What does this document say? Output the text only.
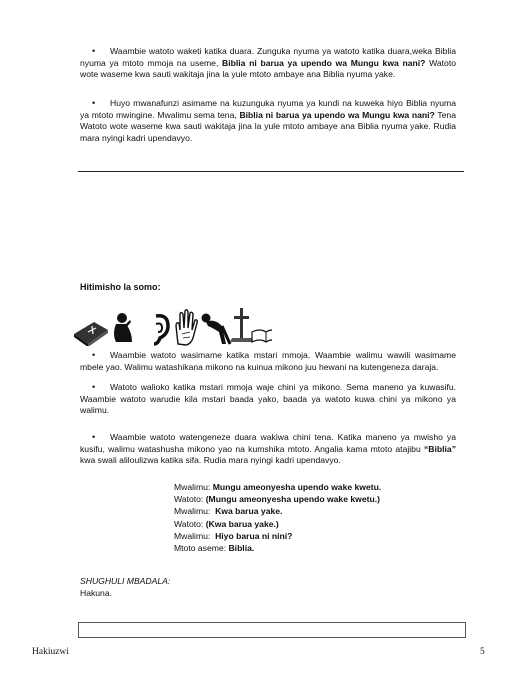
•	Waambie watoto waketi katika duara. Zunguka nyuma ya watoto katika duara,weka Biblia nyuma ya mtoto mmoja na useme, Biblia ni barua ya upendo wa Mungu kwa nani? Watoto wote waseme kwa sauti wakitaja jina la yule mtoto ambaye ana Biblia nyuma yake.
•	Huyo mwanafunzi asimame na kuzunguka nyuma ya kundi na kuweka hiyo Biblia nyuma ya mtoto mwingine. Mwalimu sema tena, Biblia ni barua ya upendo wa Mungu kwa nani? Tena Watoto wote waseme kwa sauti wakitaja jina la yule mtoto ambaye ana Biblia nyuma yake. Rudia mara nyingi kadri upendavyo.
Hitimisho la somo:
•	Waambie watoto wasimame katika mstari mmoja. Waambie walimu wawili wasimame mbele yao. Walimu watashikana mikono na kuinua mikono juu hewani na kutengeneza daraja.
•	Watoto walioko katika mstari mmoja waje chini ya mikono. Sema maneno ya kuwasifu. Waambie watoto warudie kila mstari baada yako, baada ya watoto kuwa chini ya mikono ya walimu.
•	Waambie watoto watengeneze duara wakiwa chini tena. Katika maneno ya mwisho ya kusifu, walimu watashusha mikono yao na kumshika mtoto. Angalia kama mtoto atajibu “Biblia” kwa swali aliloulizwa katika sifa. Rudia mara nyingi kadri upendavyo.
Mwalimu: Mungu ameonyesha upendo wake kwetu.
Watoto: (Mungu ameonyesha upendo wake kwetu.)
Mwalimu:  Kwa barua yake.
Watoto: (Kwa barua yake.)
Mwalimu:  Hiyo barua ni nini?
Mtoto aseme: Biblia.
SHUGHULI MBADALA:
Hakuna.
Hakiuzwi	5
